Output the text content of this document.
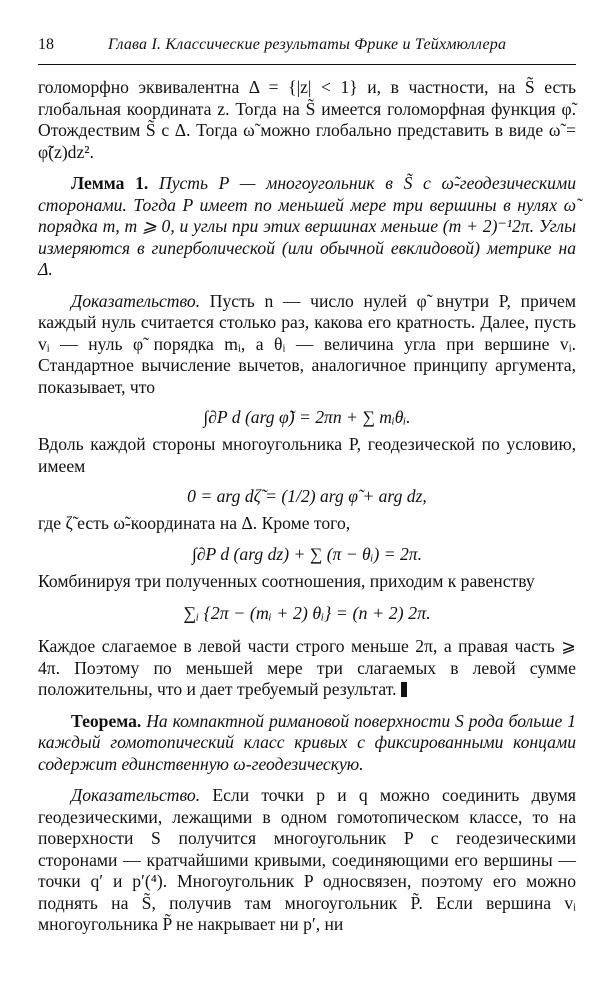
18	Глава I. Классические результаты Фрике и Тейхмюллера

голоморфно эквивалентна Δ = {|z| < 1} и, в частности, на S̃ есть глобальная координата z. Тогда на S̃ имеется голоморфная функция φ̃. Отождествим S̃ с Δ. Тогда ω̃ можно глобально представить в виде ω̃ = φ̃(z)dz².

Лемма 1. Пусть P — многоугольник в S̃ с ω̃-геодезическими сторонами. Тогда P имеет по меньшей мере три вершины в нулях ω̃ порядка m, m ⩾ 0, и углы при этих вершинах меньше (m + 2)⁻¹2π. Углы измеряются в гиперболической (или обычной евклидовой) метрике на Δ.

Доказательство. Пусть n — число нулей φ̃ внутри P, причем каждый нуль считается столько раз, какова его кратность. Далее, пусть vᵢ — нуль φ̃ порядка mᵢ, а θᵢ — величина угла при вершине vᵢ. Стандартное вычисление вычетов, аналогичное принципу аргумента, показывает, что

∫∂P d (arg φ̃) = 2πn + ∑ mᵢθᵢ.

Вдоль каждой стороны многоугольника P, геодезической по условию, имеем

0 = arg dζ̃ = (1/2) arg φ̃ + arg dz,

где ζ̃ есть ω̃-координата на Δ. Кроме того,

∫∂P d (arg dz) + ∑ (π − θᵢ) = 2π.

Комбинируя три полученных соотношения, приходим к равенству

∑ᵢ {2π − (mᵢ + 2) θᵢ} = (n + 2) 2π.

Каждое слагаемое в левой части строго меньше 2π, а правая часть ⩾ 4π. Поэтому по меньшей мере три слагаемых в левой сумме положительны, что и дает требуемый результат.

Теорема. На компактной римановой поверхности S рода больше 1 каждый гомотопический класс кривых с фиксированными концами содержит единственную ω-геодезическую.

Доказательство. Если точки p и q можно соединить двумя геодезическими, лежащими в одном гомотопическом классе, то на поверхности S получится многоугольник P с геодезическими сторонами — кратчайшими кривыми, соединяющими его вершины — точки q′ и p′(⁴). Многоугольник P односвязен, поэтому его можно поднять на S̃, получив там многоугольник P̃. Если вершина vᵢ многоугольника P̃ не накрывает ни p′, ни
